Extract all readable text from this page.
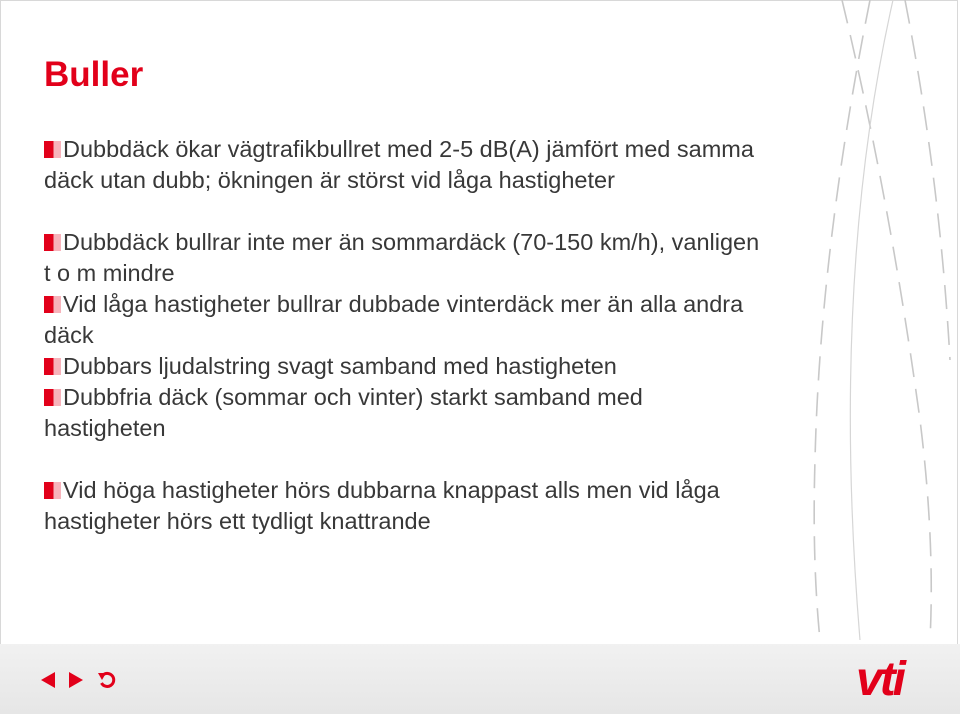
Buller
Dubbdäck ökar vägtrafikbullret med 2-5 dB(A) jämfört med samma däck utan dubb; ökningen är störst vid låga hastigheter
Dubbdäck bullrar inte mer än sommardäck (70-150 km/h), vanligen t o m mindre
Vid låga hastigheter bullrar dubbade vinterdäck mer än alla andra däck
Dubbars ljudalstring svagt samband med hastigheten
Dubbfria däck (sommar och vinter) starkt samband med hastigheten
Vid höga hastigheter hörs dubbarna knappast alls men vid låga hastigheter hörs ett tydligt knattrande
vti
